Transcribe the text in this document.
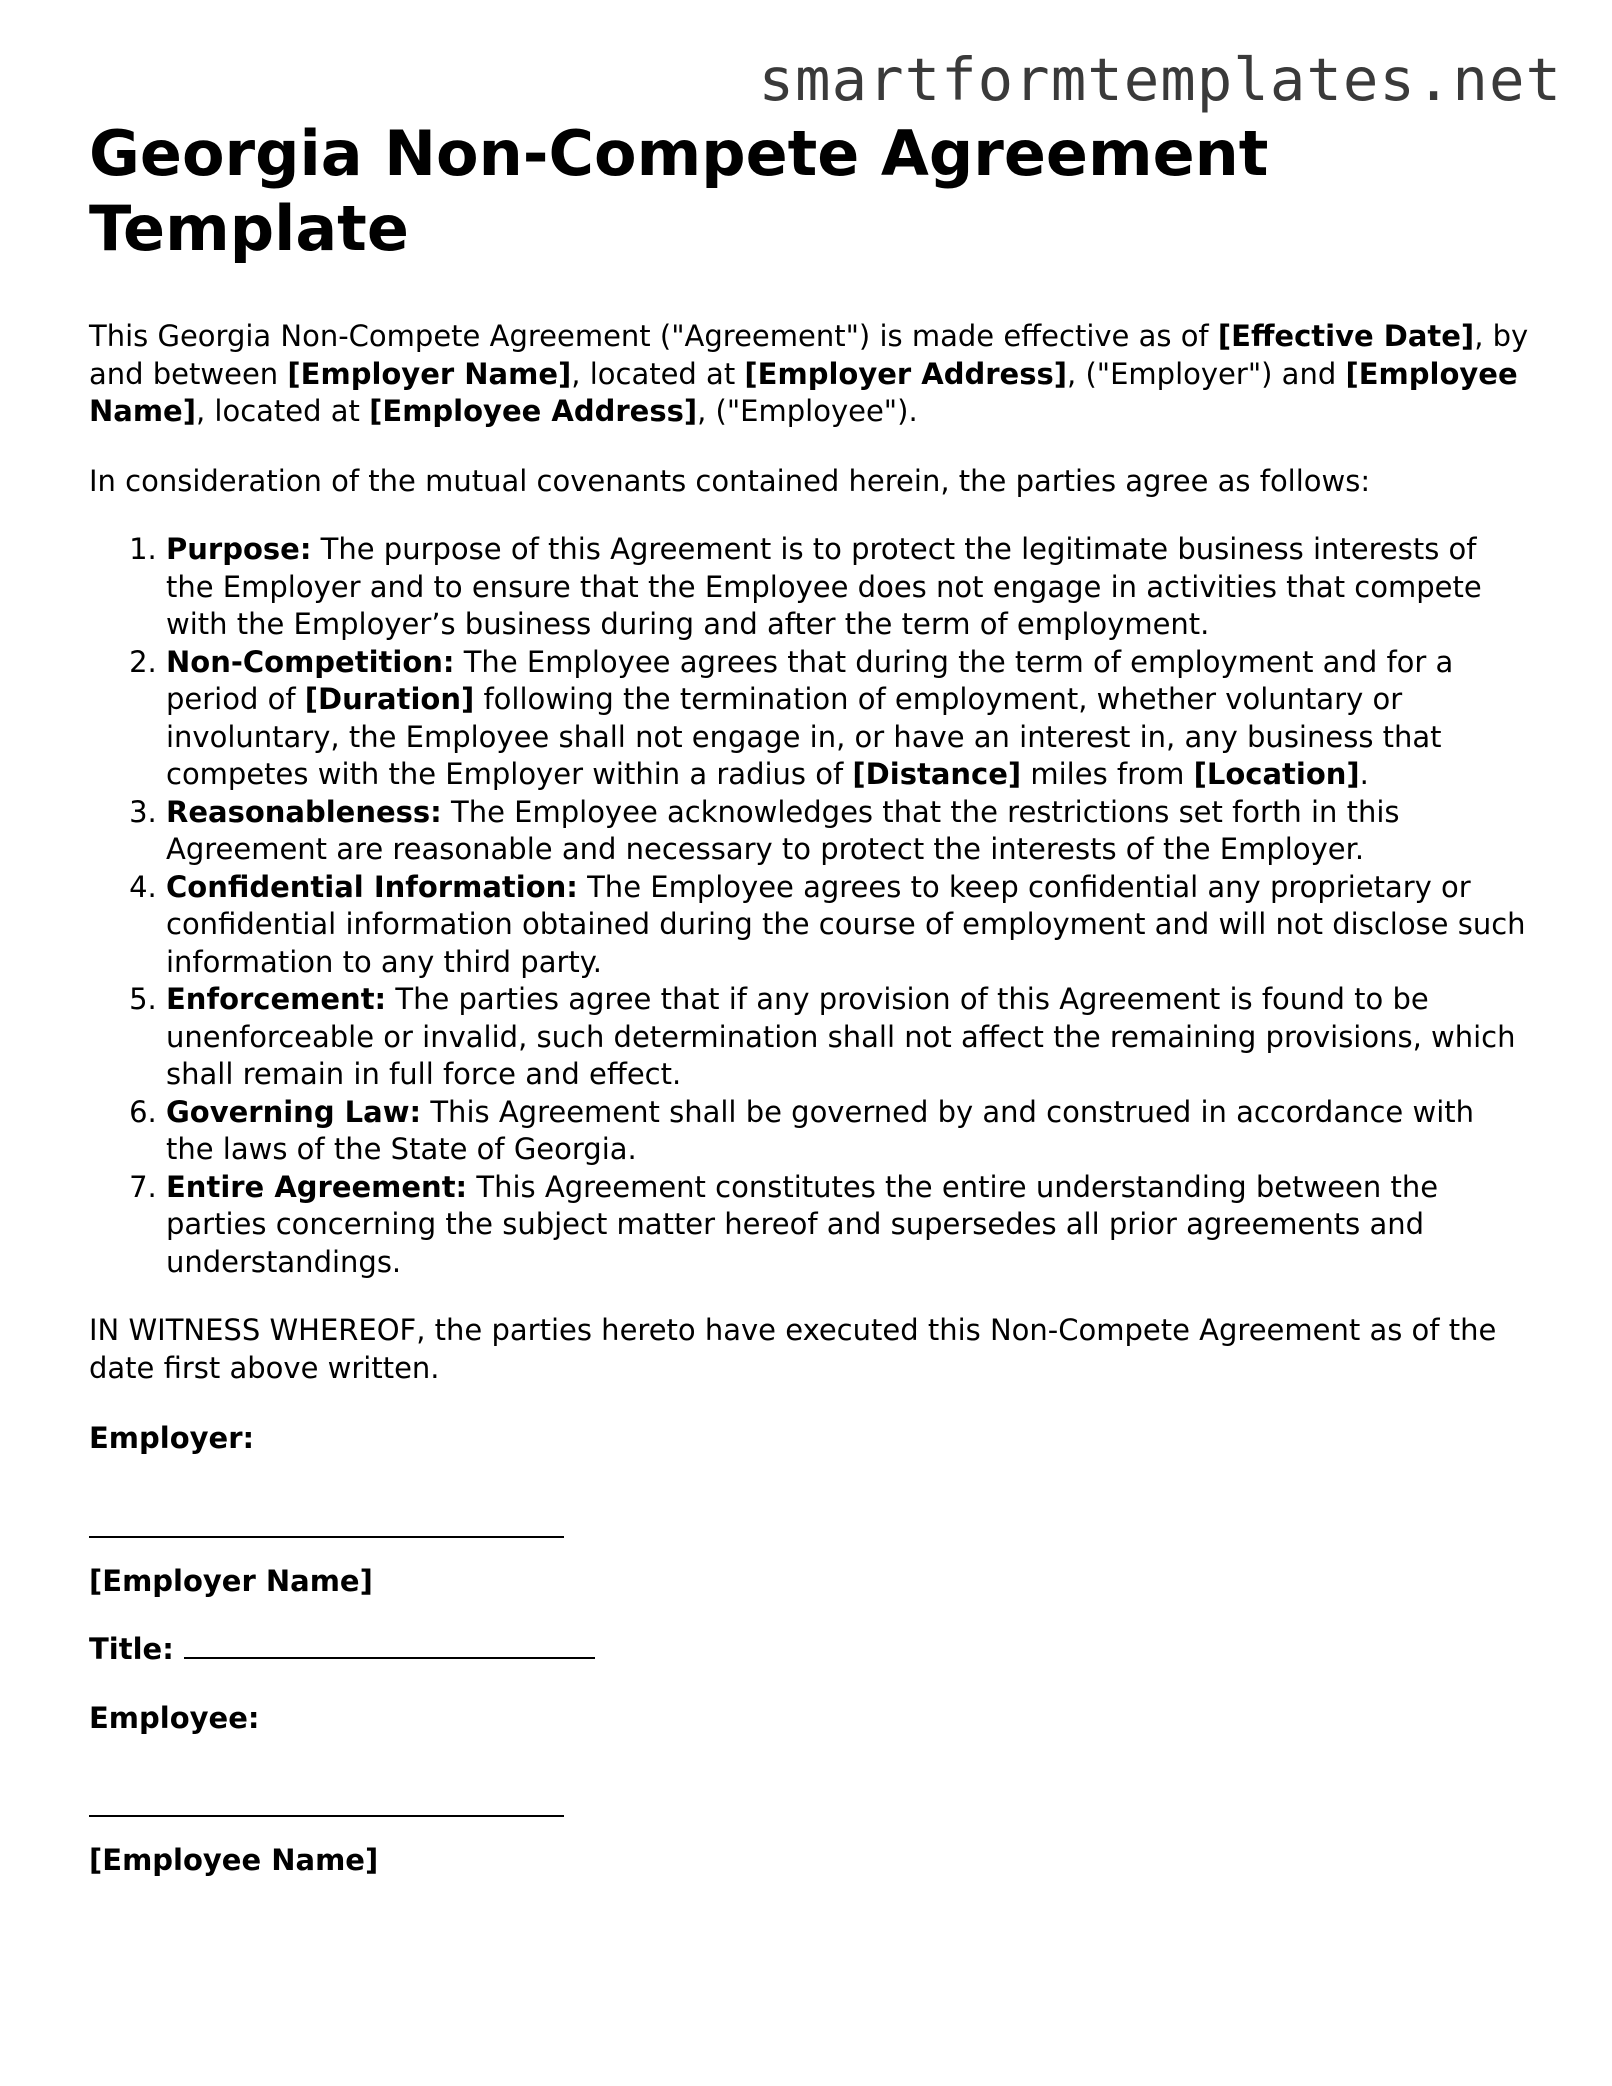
smartformtemplates.net
Georgia Non-Compete Agreement Template

This Georgia Non-Compete Agreement ("Agreement") is made effective as of [Effective Date], by and between [Employer Name], located at [Employer Address], ("Employer") and [Employee Name], located at [Employee Address], ("Employee").

In consideration of the mutual covenants contained herein, the parties agree as follows:

1. Purpose: The purpose of this Agreement is to protect the legitimate business interests of the Employer and to ensure that the Employee does not engage in activities that compete with the Employer’s business during and after the term of employment.
2. Non-Competition: The Employee agrees that during the term of employment and for a period of [Duration] following the termination of employment, whether voluntary or involuntary, the Employee shall not engage in, or have an interest in, any business that competes with the Employer within a radius of [Distance] miles from [Location].
3. Reasonableness: The Employee acknowledges that the restrictions set forth in this Agreement are reasonable and necessary to protect the interests of the Employer.
4. Confidential Information: The Employee agrees to keep confidential any proprietary or confidential information obtained during the course of employment and will not disclose such information to any third party.
5. Enforcement: The parties agree that if any provision of this Agreement is found to be unenforceable or invalid, such determination shall not affect the remaining provisions, which shall remain in full force and effect.
6. Governing Law: This Agreement shall be governed by and construed in accordance with the laws of the State of Georgia.
7. Entire Agreement: This Agreement constitutes the entire understanding between the parties concerning the subject matter hereof and supersedes all prior agreements and understandings.

IN WITNESS WHEREOF, the parties hereto have executed this Non-Compete Agreement as of the date first above written.

Employer:
[Employer Name]
Title:
Employee:
[Employee Name]
